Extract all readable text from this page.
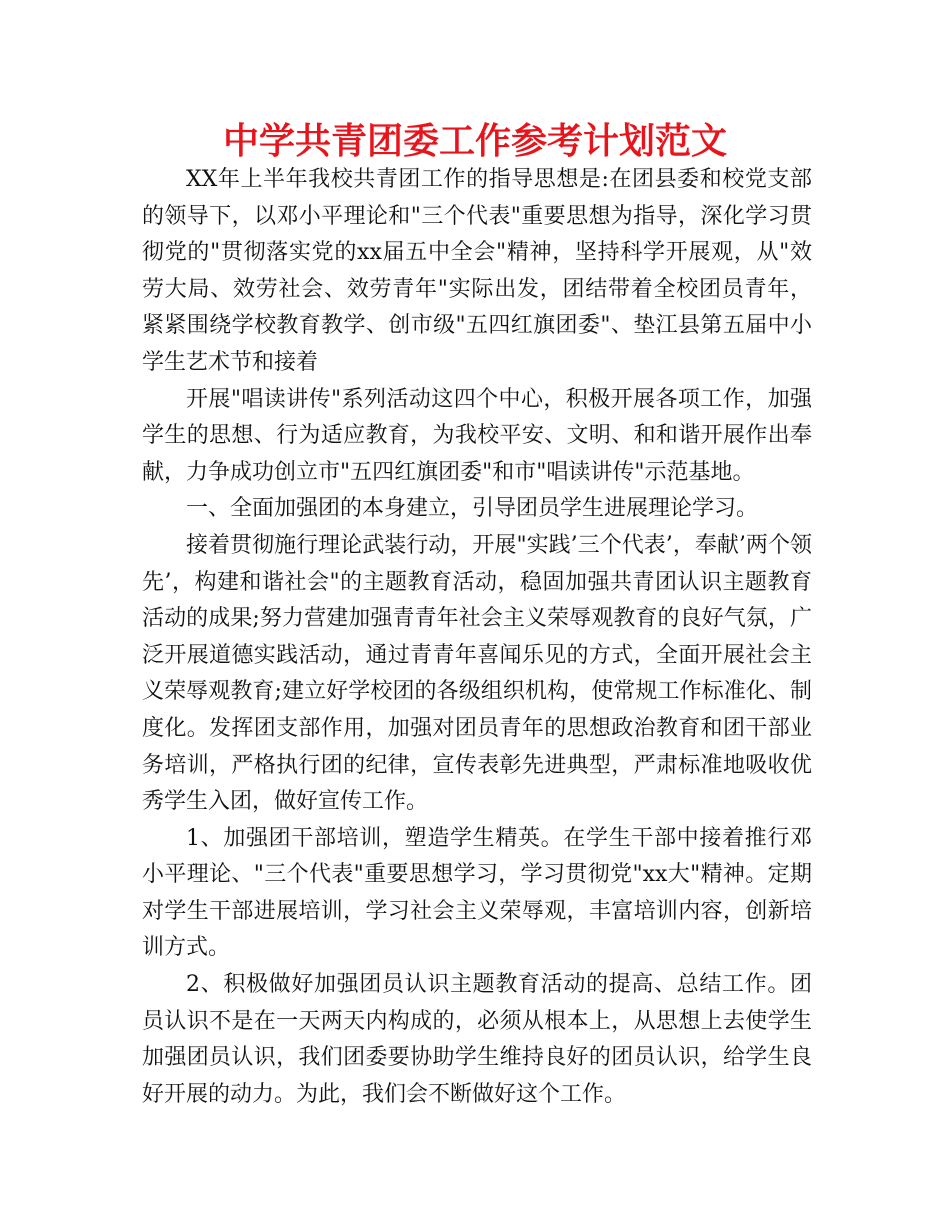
中学共青团委工作参考计划范文

XX年上半年我校共青团工作的指导思想是:在团县委和校党支部的领导下，以邓小平理论和"三个代表"重要思想为指导，深化学习贯彻党的"贯彻落实党的xx届五中全会"精神，坚持科学开展观，从"效劳大局、效劳社会、效劳青年"实际出发，团结带着全校团员青年，紧紧围绕学校教育教学、创市级"五四红旗团委"、垫江县第五届中小学生艺术节和接着

开展"唱读讲传"系列活动这四个中心，积极开展各项工作，加强学生的思想、行为适应教育，为我校平安、文明、和和谐开展作出奉献，力争成功创立市"五四红旗团委"和市"唱读讲传"示范基地。

一、全面加强团的本身建立，引导团员学生进展理论学习。

接着贯彻施行理论武装行动，开展"实践’三个代表’，奉献’两个领先’，构建和谐社会"的主题教育活动，稳固加强共青团认识主题教育活动的成果;努力营建加强青青年社会主义荣辱观教育的良好气氛，广泛开展道德实践活动，通过青青年喜闻乐见的方式，全面开展社会主义荣辱观教育;建立好学校团的各级组织机构，使常规工作标准化、制度化。发挥团支部作用，加强对团员青年的思想政治教育和团干部业务培训，严格执行团的纪律，宣传表彰先进典型，严肃标准地吸收优秀学生入团，做好宣传工作。

1、加强团干部培训，塑造学生精英。在学生干部中接着推行邓小平理论、"三个代表"重要思想学习，学习贯彻党"xx大"精神。定期对学生干部进展培训，学习社会主义荣辱观，丰富培训内容，创新培训方式。

2、积极做好加强团员认识主题教育活动的提高、总结工作。团员认识不是在一天两天内构成的，必须从根本上，从思想上去使学生加强团员认识，我们团委要协助学生维持良好的团员认识，给学生良好开展的动力。为此，我们会不断做好这个工作。
